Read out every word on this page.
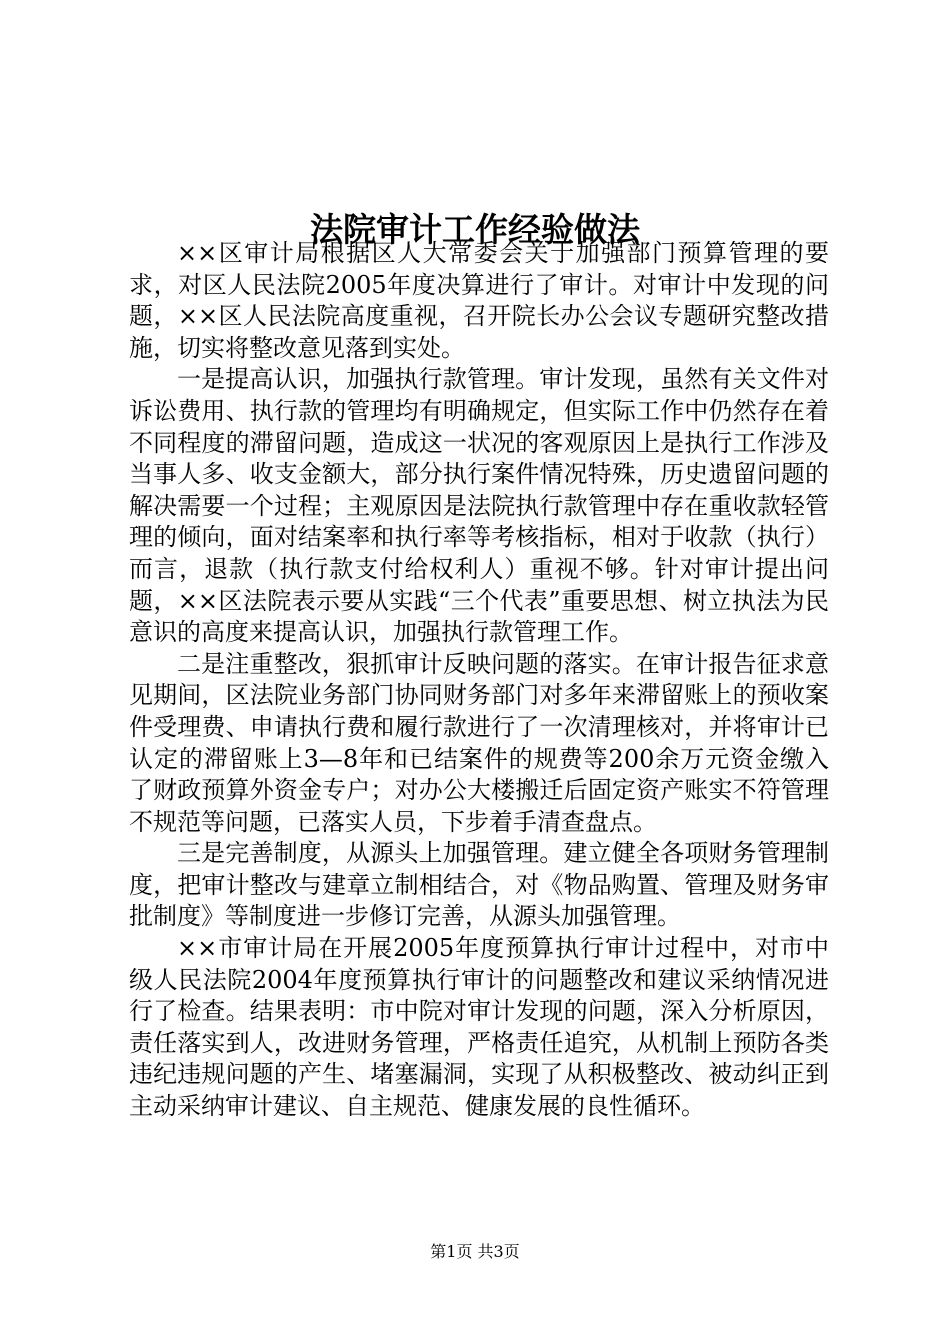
法院审计工作经验做法

××区审计局根据区人大常委会关于加强部门预算管理的要求，对区人民法院2005年度决算进行了审计。对审计中发现的问题，××区人民法院高度重视，召开院长办公会议专题研究整改措施，切实将整改意见落到实处。

一是提高认识，加强执行款管理。审计发现，虽然有关文件对诉讼费用、执行款的管理均有明确规定，但实际工作中仍然存在着不同程度的滞留问题，造成这一状况的客观原因上是执行工作涉及当事人多、收支金额大，部分执行案件情况特殊，历史遗留问题的解决需要一个过程；主观原因是法院执行款管理中存在重收款轻管理的倾向，面对结案率和执行率等考核指标，相对于收款（执行）而言，退款（执行款支付给权利人）重视不够。针对审计提出问题，××区法院表示要从实践“三个代表”重要思想、树立执法为民意识的高度来提高认识，加强执行款管理工作。

二是注重整改，狠抓审计反映问题的落实。在审计报告征求意见期间，区法院业务部门协同财务部门对多年来滞留账上的预收案件受理费、申请执行费和履行款进行了一次清理核对，并将审计已认定的滞留账上3—8年和已结案件的规费等200余万元资金缴入了财政预算外资金专户；对办公大楼搬迁后固定资产账实不符管理不规范等问题，已落实人员，下步着手清查盘点。

三是完善制度，从源头上加强管理。建立健全各项财务管理制度，把审计整改与建章立制相结合，对《物品购置、管理及财务审批制度》等制度进一步修订完善，从源头加强管理。

××市审计局在开展2005年度预算执行审计过程中，对市中级人民法院2004年度预算执行审计的问题整改和建议采纳情况进行了检查。结果表明：市中院对审计发现的问题，深入分析原因，责任落实到人，改进财务管理，严格责任追究，从机制上预防各类违纪违规问题的产生、堵塞漏洞，实现了从积极整改、被动纠正到主动采纳审计建议、自主规范、健康发展的良性循环。

第1页 共3页
